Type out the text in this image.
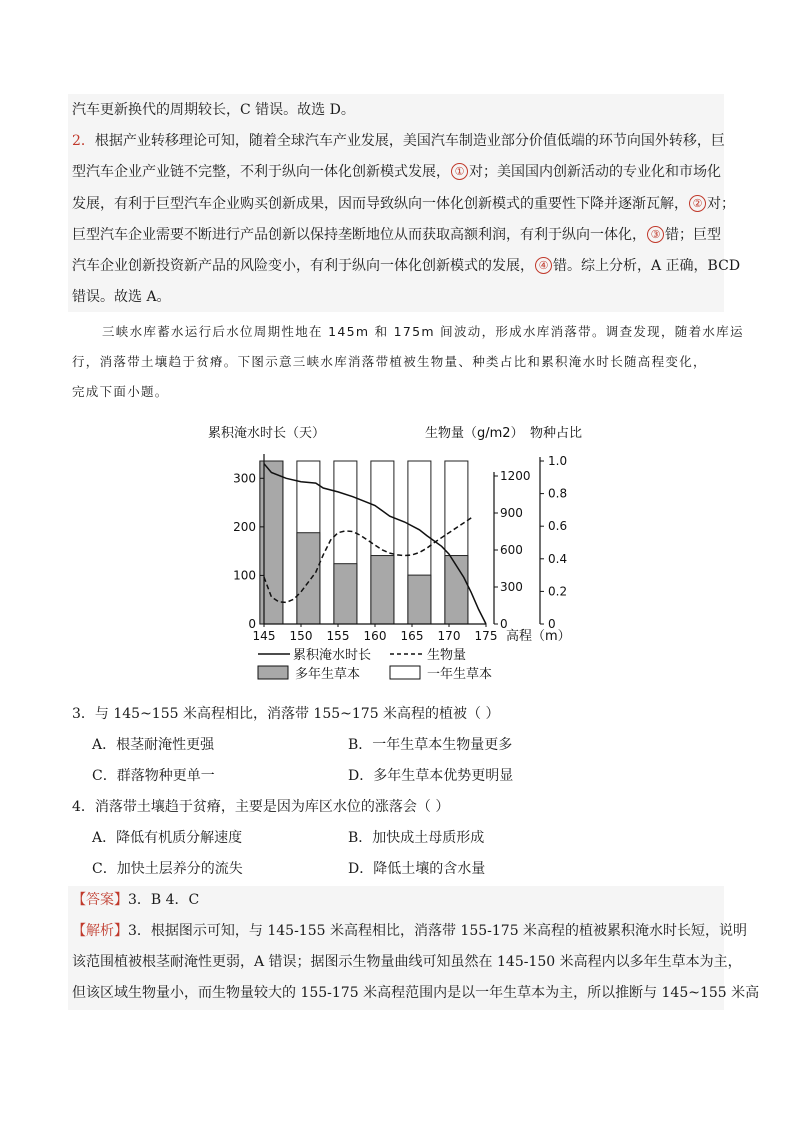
汽车更新换代的周期较长，C 错误。故选 D。
2．根据产业转移理论可知，随着全球汽车产业发展，美国汽车制造业部分价值低端的环节向国外转移，巨
型汽车企业产业链不完整，不利于纵向一体化创新模式发展， ① 对；美国国内创新活动的专业化和市场化
发展，有利于巨型汽车企业购买创新成果，因而导致纵向一体化创新模式的重要性下降并逐渐瓦解， ② 对；
巨型汽车企业需要不断进行产品创新以保持垄断地位从而获取高额利润，有利于纵向一体化， ③ 错；巨型
汽车企业创新投资新产品的风险变小，有利于纵向一体化创新模式的发展， ④ 错。综上分析，A 正确，BCD
错误。故选 A。
三峡水库蓄水运行后水位周期性地在 145m 和 175m 间波动，形成水库消落带。调查发现，随着水库运
行，消落带土壤趋于贫瘠。下图示意三峡水库消落带植被生物量、种类占比和累积淹水时长随高程变化，
完成下面小题。
累积淹水时长（天）	生物量（g/m2） 物种占比
0
100
200
300
0
300
600
900
1200
0
0.2
0.4
0.6
0.8
1.0
145 150 155 160 165 170 175 高程（m）
累积淹水时长	生物量
多年生草本	一年生草本
3．与 145~155 米高程相比，消落带 155~175 米高程的植被（ ）
A．根茎耐淹性更强	B．一年生草本生物量更多
C．群落物种更单一	D．多年生草本优势更明显
4．消落带土壤趋于贫瘠，主要是因为库区水位的涨落会（ ）
A．降低有机质分解速度	B．加快成土母质形成
C．加快土层养分的流失	D．降低土壤的含水量
【答案】3．B 4．C
【解析】3．根据图示可知，与 145-155 米高程相比，消落带 155-175 米高程的植被累积淹水时长短，说明
该范围植被根茎耐淹性更弱，A 错误；据图示生物量曲线可知虽然在 145-150 米高程内以多年生草本为主，
但该区域生物量小，而生物量较大的 155-175 米高程范围内是以一年生草本为主，所以推断与 145~155 米高
